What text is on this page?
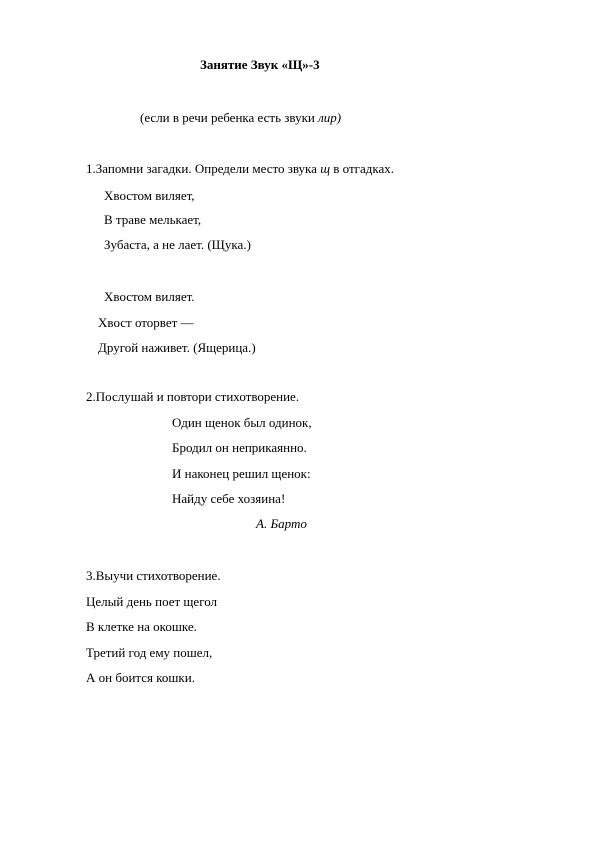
Занятие Звук «Щ»-3

(если в речи ребенка есть звуки лир)

1.Запомни загадки. Определи место звука щ в отгадках.

Хвостом виляет,

В траве мелькает,

Зубаста, а не лает. (Щука.)

Хвостом виляет.

Хвост оторвет —

Другой наживет. (Ящерица.)

2.Послушай и повтори стихотворение.

Один щенок был одинок,

Бродил он неприкаянно.

И наконец решил щенок:

Найду себе хозяина!

А. Барто

3.Выучи стихотворение.

Целый день поет щегол

В клетке на окошке.

Третий год ему пошел,

А он боится кошки.
